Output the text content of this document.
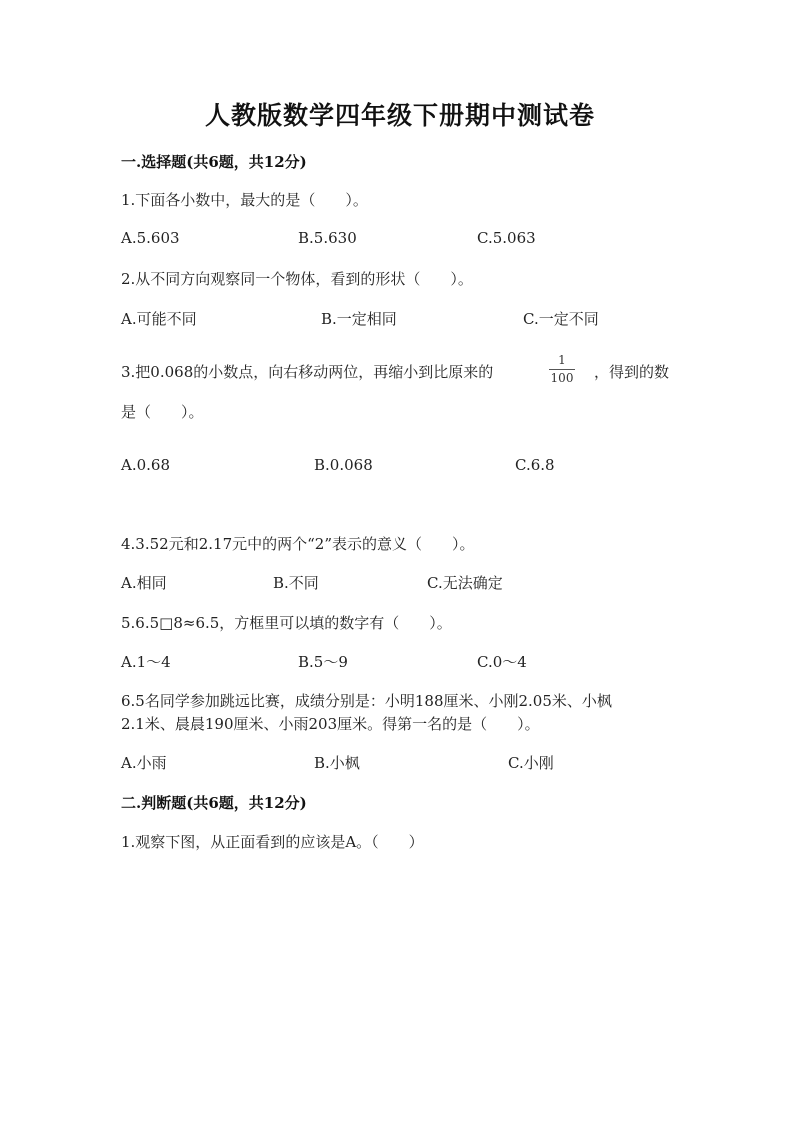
人教版数学四年级下册期中测试卷
一.选择题(共6题，共12分)
1.下面各小数中，最大的是（　　）。
A.5.603	B.5.630	C.5.063
2.从不同方向观察同一个物体，看到的形状（　　）。
A.可能不同	B.一定相同	C.一定不同
3.把0.068的小数点，向右移动两位，再缩小到比原来的
1
100 ，得到的数
是（　　）。
A.0.68	B.0.068	C.6.8
4.3.52元和2.17元中的两个“2”表示的意义（　　）。
A.相同	B.不同	C.无法确定
5.6.5□8≈6.5，方框里可以填的数字有（　　）。
A.1～4	B.5～9	C.0～4
6.5名同学参加跳远比赛，成绩分别是：小明188厘米、小刚2.05米、小枫
2.1米、晨晨190厘米、小雨203厘米。得第一名的是（　　）。
A.小雨	B.小枫	C.小刚
二.判断题(共6题，共12分)
1.观察下图，从正面看到的应该是A。（　　）
